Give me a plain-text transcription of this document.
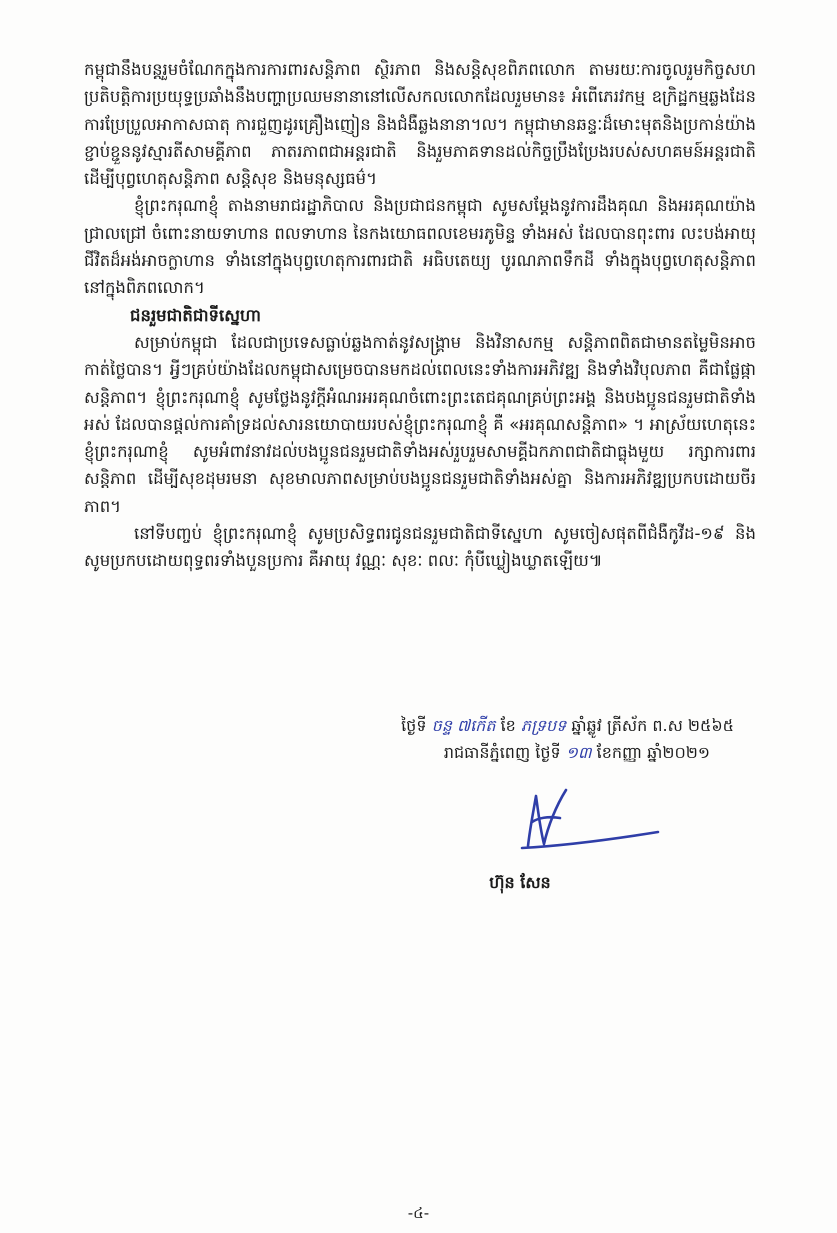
កម្ពុជានឹងបន្តរួមចំណែកក្នុងការការពារសន្តិភាព ស្ថិរភាព និងសន្តិសុខពិភពលោក តាមរយៈការចូលរួមកិច្ចសហប្រតិបត្តិការប្រយុទ្ធប្រឆាំងនឹងបញ្ហាប្រឈមនានានៅលើសកលលោកដែលរួមមាន៖ អំពើភេរវកម្ម ឧក្រិដ្ឋកម្មឆ្លងដែន ការប្រែប្រួលអាកាសធាតុ ការជួញដូរគ្រឿងញៀន និងជំងឺឆ្លងនានា។ល។ កម្ពុជាមានឆន្ទៈដ៏មោះមុតនិងប្រកាន់យ៉ាងខ្ជាប់ខ្ជួននូវស្មារតីសាមគ្គីភាព ភាតរភាពជាអន្តរជាតិ និងរួមភាគទានដល់កិច្ចប្រឹងប្រែងរបស់សហគមន៍អន្តរជាតិ ដើម្បីបុព្វហេតុសន្តិភាព សន្តិសុខ និងមនុស្សធម៌។

ខ្ញុំព្រះករុណាខ្ញុំ តាងនាមរាជរដ្ឋាភិបាល និងប្រជាជនកម្ពុជា សូមសម្តែងនូវការដឹងគុណ និងអរគុណយ៉ាងជ្រាលជ្រៅ ចំពោះនាយទាហាន ពលទាហាន នៃកងយោធពលខេមរភូមិន្ទ ទាំងអស់ ដែលបានពុះពារ លះបង់អាយុជីវិតដ៏អង់អាចក្លាហាន ទាំងនៅក្នុងបុព្វហេតុការពារជាតិ អធិបតេយ្យ បូរណភាពទឹកដី ទាំងក្នុងបុព្វហេតុសន្តិភាពនៅក្នុងពិភពលោក។

ជនរួមជាតិជាទីស្នេហា

សម្រាប់កម្ពុជា ដែលជាប្រទេសធ្លាប់ឆ្លងកាត់នូវសង្គ្រាម និងវិនាសកម្ម សន្តិភាពពិតជាមានតម្លៃមិនអាចកាត់ថ្លៃបាន។ អ្វីៗគ្រប់យ៉ាងដែលកម្ពុជាសម្រេចបានមកដល់ពេលនេះទាំងការអភិវឌ្ឍ និងទាំងវិបុលភាព គឺជាផ្លែផ្កាសន្តិភាព។ ខ្ញុំព្រះករុណាខ្ញុំ សូមថ្លែងនូវក្តីអំណរអរគុណចំពោះព្រះតេជគុណគ្រប់ព្រះអង្គ និងបងប្អូនជនរួមជាតិទាំងអស់ ដែលបានផ្តល់ការគាំទ្រដល់សារនយោបាយរបស់ខ្ញុំព្រះករុណាខ្ញុំ គឺ «អរគុណសន្តិភាព» ។ អាស្រ័យហេតុនេះ ខ្ញុំព្រះករុណាខ្ញុំ សូមអំពាវនាវដល់បងប្អូនជនរួមជាតិទាំងអស់រួបរួមសាមគ្គីឯកភាពជាតិជាធ្លុងមួយ រក្សាការពារសន្តិភាព ដើម្បីសុខដុមរមនា សុខមាលភាពសម្រាប់បងប្អូនជនរួមជាតិទាំងអស់គ្នា និងការអភិវឌ្ឍប្រកបដោយចីរភាព។

នៅទីបញ្ចប់ ខ្ញុំព្រះករុណាខ្ញុំ សូមប្រសិទ្ធពរជូនជនរួមជាតិជាទីស្នេហា សូមចៀសផុតពីជំងឺកូវីដ-១៩ និងសូមប្រកបដោយពុទ្ធពរទាំងបួនប្រការ គឺអាយុ វណ្ណៈ សុខៈ ពលៈ កុំបីឃ្លៀងឃ្លាតឡើយ៕

ថ្ងៃទី ចន្ទ ៧កើត ខែ ភទ្របទ ឆ្នាំឆ្លូវ ត្រីស័ក ព.ស ២៥៦៥
រាជធានីភ្នំពេញ ថ្ងៃទី ១៣ ខែកញ្ញា ឆ្នាំ២០២១
ហ៊ុន សែន
-៤-
